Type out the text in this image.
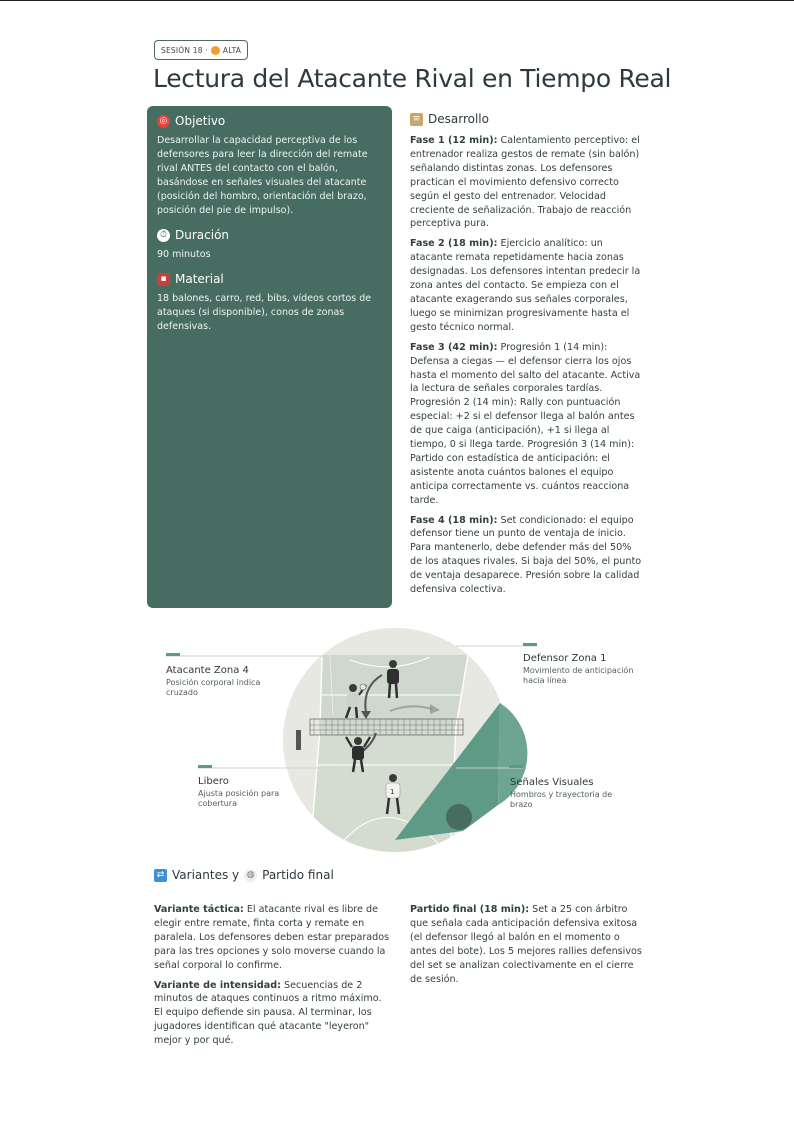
SESIÓN 18 · ALTA
Lectura del Atacante Rival en Tiempo Real
◎ Objetivo

Desarrollar la capacidad perceptiva de los defensores para leer la dirección del remate rival ANTES del contacto con el balón, basándose en señales visuales del atacante (posición del hombro, orientación del brazo, posición del pie de impulso).

⏱ Duración

90 minutos

▪ Material

18 balones, carro, red, bibs, vídeos cortos de ataques (si disponible), conos de zonas defensivas.

≡ Desarrollo

Fase 1 (12 min): Calentamiento perceptivo: el entrenador realiza gestos de remate (sin balón) señalando distintas zonas. Los defensores practican el movimiento defensivo correcto según el gesto del entrenador. Velocidad creciente de señalización. Trabajo de reacción perceptiva pura.

Fase 2 (18 min): Ejercicio analítico: un atacante remata repetidamente hacia zonas designadas. Los defensores intentan predecir la zona antes del contacto. Se empieza con el atacante exagerando sus señales corporales, luego se minimizan progresivamente hasta el gesto técnico normal.

Fase 3 (42 min): Progresión 1 (14 min): Defensa a ciegas — el defensor cierra los ojos hasta el momento del salto del atacante. Activa la lectura de señales corporales tardías. Progresión 2 (14 min): Rally con puntuación especial: +2 si el defensor llega al balón antes de que caiga (anticipación), +1 si llega al tiempo, 0 si llega tarde. Progresión 3 (14 min): Partido con estadística de anticipación: el asistente anota cuántos balones el equipo anticipa correctamente vs. cuántos reacciona tarde.

Fase 4 (18 min): Set condicionado: el equipo defensor tiene un punto de ventaja de inicio. Para mantenerlo, debe defender más del 50% de los ataques rivales. Si baja del 50%, el punto de ventaja desaparece. Presión sobre la calidad defensiva colectiva.

1
Atacante Zona 4
Posición corporal indica cruzado
Defensor Zona 1
Movimiento de anticipación hacia línea
Libero
Ajusta posición para cobertura
Señales Visuales
Hombros y trayectoria de brazo
⇄ Variantes y ◍ Partido final

Variante táctica: El atacante rival es libre de elegir entre remate, finta corta y remate en paralela. Los defensores deben estar preparados para las tres opciones y solo moverse cuando la señal corporal lo confirme.

Variante de intensidad: Secuencias de 2 minutos de ataques continuos a ritmo máximo. El equipo defiende sin pausa. Al terminar, los jugadores identifican qué atacante "leyeron" mejor y por qué.

Partido final (18 min): Set a 25 con árbitro que señala cada anticipación defensiva exitosa (el defensor llegó al balón en el momento o antes del bote). Los 5 mejores rallies defensivos del set se analizan colectivamente en el cierre de sesión.
